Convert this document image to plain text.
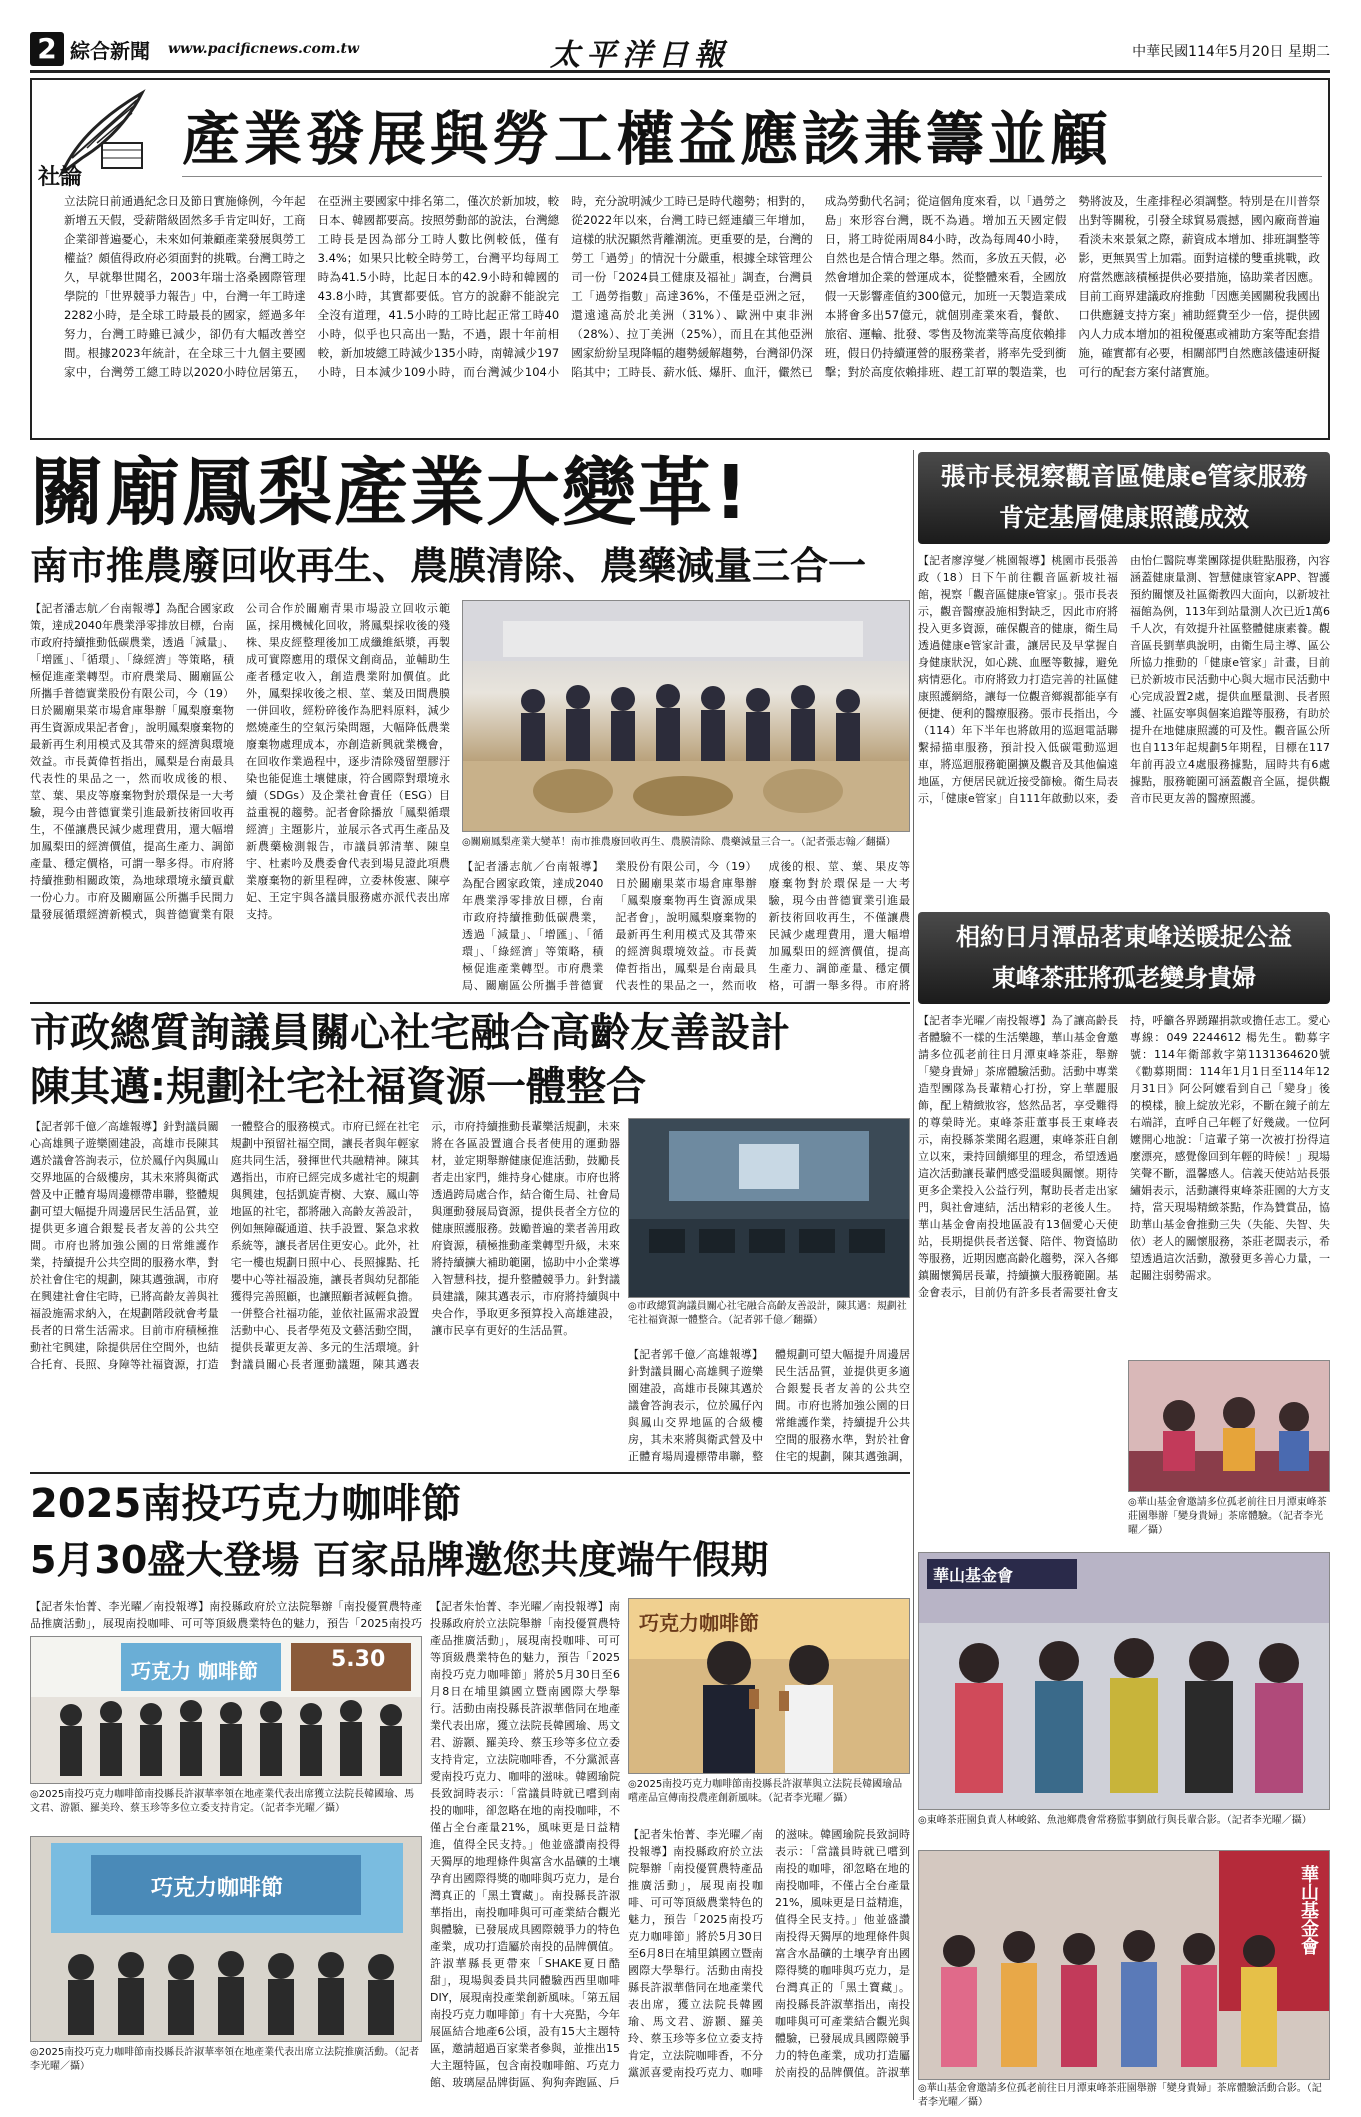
2 綜合新聞 www.pacificnews.com.tw	太平洋日報	中華民國114年5月20日 星期二
社論
產業發展與勞工權益應該兼籌並顧
立法院日前通過紀念日及節日實施條例，今年起新增五天假，受薪階級固然多手肯定叫好，工商企業卻普遍憂心，未來如何兼顧產業發展與勞工權益？頗值得政府必須面對的挑戰。台灣工時之久，早就舉世聞名，2003年瑞士洛桑國際管理學院的「世界競爭力報告」中，台灣一年工時達2282小時，是全球工時最長的國家，經過多年努力，台灣工時雖已減少，卻仍有大幅改善空間。根據2023年統計，在全球三十九個主要國家中，台灣勞工總工時以2020小時位居第五，在亞洲主要國家中排名第二，僅次於新加坡，較日本、韓國都要高。按照勞動部的說法，台灣總工時長是因為部分工時人數比例較低，僅有3.4%；如果只比較全時勞工，台灣平均每周工時為41.5小時，比起日本的42.9小時和韓國的43.8小時，其實都要低。官方的說辭不能說完全沒有道理，41.5小時的工時比起正常工時40小時，似乎也只高出一點，不過，跟十年前相較，新加坡總工時減少135小時，南韓減少197小時，日本減少109小時，而台灣減少104小時，充分說明減少工時已是時代趨勢；相對的，從2022年以來，台灣工時已經連續三年增加，這樣的狀況顯然背離潮流。更重要的是，台灣的勞工「過勞」的情況十分嚴重，根據全球管理公司一份「2024員工健康及福祉」調查，台灣員工「過勞指數」高達36%，不僅是亞洲之冠，還遠遠高於北美洲（31%）、歐洲中東非洲（28%）、拉丁美洲（25%），而且在其他亞洲國家紛紛呈現降幅的趨勢緩解趨勢，台灣卻仍深陷其中；工時長、薪水低、爆肝、血汗，儼然已成為勞動代名詞；從這個角度來看，以「過勞之島」來形容台灣，既不為過。增加五天國定假日，將工時從兩周84小時，改為每周40小時，自然也是合情合理之舉。然而，多放五天假，必然會增加企業的營運成本，從整體來看，全國放假一天影響產值約300億元，加班一天製造業成本將會多出57億元，就個別產業來看，餐飲、旅宿、運輸、批發、零售及物流業等高度依賴排班，假日仍持續運營的服務業者，將率先受到衝擊；對於高度依賴排班、趕工訂單的製造業，也勢將波及，生產排程必須調整。特別是在川普祭出對等關稅，引發全球貿易震撼，國內廠商普遍看淡未來景氣之際，薪資成本增加、排班調整等影，更無異雪上加霜。面對這樣的雙重挑戰，政府當然應該積極提供必要措施，協助業者因應。目前工商界建議政府推動「因應美國關稅我國出口供應鏈支持方案」補助經費至少一倍，提供國內人力成本增加的祖稅優惠或補助方案等配套措施，確實都有必要，相關部門自然應該儘速研擬可行的配套方案付諸實施。
關廟鳳梨產業大變革!
南市推農廢回收再生、農膜清除、農藥減量三合一
【記者潘志航／台南報導】為配合國家政策，達成2040年農業淨零排放目標，台南市政府持續推動低碳農業，透過「減量」、「增匯」、「循環」、「綠經濟」等策略，積極促進產業轉型。市府農業局、關廟區公所攜手普德實業股份有限公司，今（19）日於關廟果菜市場倉庫舉辦「鳳梨廢棄物再生資源成果記者會」，說明鳳梨廢棄物的最新再生利用模式及其帶來的經濟與環境效益。市長黃偉哲指出，鳳梨是台南最具代表性的果品之一，然而收成後的根、莖、葉、果皮等廢棄物對於環保是一大考驗，現今由普德實業引進最新技術回收再生，不僅讓農民減少處理費用，還大幅增加鳳梨田的經濟價值，提高生產力、調節產量、穩定價格，可謂一舉多得。市府將持續推動相關政策，為地球環境永續貢獻一份心力。市府及關廟區公所攜手民間力量發展循環經濟新模式，與普德實業有限公司合作於關廟青果市場設立回收示範區，採用機械化回收，將鳳梨採收後的殘株、果皮經整理後加工成纖維紙漿，再製成可實際應用的環保文創商品，並輔助生產者穩定收入，創造農業附加價值。此外，鳳梨採收後之根、莖、葉及田間農膜一併回收，經粉碎後作為肥料原料，減少燃燒產生的空氣污染問題，大幅降低農業廢棄物處理成本，亦創造新興就業機會，在回收作業過程中，逐步清除殘留塑膠汙染也能促進土壤健康，符合國際對環境永續（SDGs）及企業社會責任（ESG）目益重視的趨勢。記者會除播放「鳳梨循環經濟」主題影片，並展示各式再生產品及新農藥檢測報告，市議員郭清華、陳皇宇、杜素吟及農委會代表到場見證此項農業廢棄物的新里程碑，立委林俊憲、陳亭妃、王定宇與各議員服務處亦派代表出席支持。
◎關廟鳳梨產業大變革！南市推農廢回收再生、農膜清除、農藥減量三合一。（記者張志翰／翻攝）
【記者潘志航／台南報導】為配合國家政策，達成2040年農業淨零排放目標，台南市政府持續推動低碳農業，透過「減量」、「增匯」、「循環」、「綠經濟」等策略，積極促進產業轉型。市府農業局、關廟區公所攜手普德實業股份有限公司，今（19）日於關廟果菜市場倉庫舉辦「鳳梨廢棄物再生資源成果記者會」，說明鳳梨廢棄物的最新再生利用模式及其帶來的經濟與環境效益。市長黃偉哲指出，鳳梨是台南最具代表性的果品之一，然而收成後的根、莖、葉、果皮等廢棄物對於環保是一大考驗，現今由普德實業引進最新技術回收再生，不僅讓農民減少處理費用，還大幅增加鳳梨田的經濟價值，提高生產力、調節產量、穩定價格，可謂一舉多得。市府將
張市長視察觀音區健康e管家服務
肯定基層健康照護成效
【記者廖淳燮／桃園報導】桃園市長張善政（18）日下午前往觀音區新坡社福館，視察「觀音區健康e管家」。張市長表示，觀音醫療設施相對缺乏，因此市府將投入更多資源，確保觀音的健康，衛生局透過健康e管家計畫，讓居民及早掌握自身健康狀況，如心跳、血壓等數據，避免病情惡化。市府將致力打造完善的社區健康照護網絡，讓每一位觀音鄉親都能享有便捷、便利的醫療服務。張市長指出，今（114）年下半年也將啟用的巡迴電話聯繫掃描車服務，預計投入低碳電動巡迴車，將巡迴服務範圍擴及觀音及其他偏遠地區，方便居民就近接受篩檢。衛生局表示，「健康e管家」自111年啟動以來，委由怡仁醫院專業團隊提供駐點服務，內容涵蓋健康量測、智慧健康管家APP、智護預約關懷及社區衛教四大面向，以新坡社福館為例，113年到站量測人次已近1萬6千人次，有效提升社區整體健康素養。觀音區長劉華典說明，由衛生局主導、區公所協力推動的「健康e管家」計畫，目前已於新坡市民活動中心與大堀市民活動中心完成設置2處，提供血壓量測、長者照護、社區安寧與個案追蹤等服務，有助於提升在地健康照護的可及性。觀音區公所也自113年起規劃5年期程，目標在117年前再設立4處服務據點，屆時共有6處據點，服務範圍可涵蓋觀音全區，提供觀音市民更友善的醫療照護。
相約日月潭品茗東峰送暖捉公益
東峰茶莊將孤老變身貴婦
【記者李光曜／南投報導】為了讓高齡長者體驗不一樣的生活樂趣，華山基金會邀請多位孤老前往日月潭東峰茶莊，舉辦「變身貴婦」茶席體驗活動。活動中專業造型團隊為長輩精心打扮，穿上華麗服飾，配上精緻妝容，悠然品茗，享受難得的尊榮時光。東峰茶莊董事長王東峰表示，南投縣茶業聞名遐邇，東峰茶莊自創立以來，秉持回饋鄉里的理念，希望透過這次活動讓長輩們感受溫暖與關懷。期待更多企業投入公益行列，幫助長者走出家門，與社會連結，活出精彩的老後人生。華山基金會南投地區設有13個愛心天使站，長期提供長者送餐、陪伴、物資協助等服務，近期因應高齡化趨勢，深入各鄉鎮關懷獨居長輩，持續擴大服務範圍。基金會表示，目前仍有許多長者需要社會支持，呼籲各界踴躍捐款或擔任志工。愛心專線：049 2244612 楊先生。勸募字號：114年衛部救字第1131364620號《勸募期間：114年1月1日至114年12月31日》阿公阿嬤看到自己「變身」後的模樣，臉上綻放光彩，不斷在鏡子前左右端詳，直呼自己年輕了好幾歲。一位阿嬤開心地說：「這輩子第一次被打扮得這麼漂亮，感覺像回到年輕的時候！」現場笑聲不斷，溫馨感人。信義天使站站長張繡娟表示，活動讓得東峰茶莊園的大方支持，當天現場精緻茶點，作為贊賞品，協助華山基金會推動三失（失能、失智、失依）老人的關懷服務，茶莊老闆表示，希望透過這次活動，激發更多善心力量，一起關注弱勢需求。
◎華山基金會邀請多位孤老前往日月潭東峰茶莊園舉辦「變身貴婦」茶席體驗。（記者李光曜／攝）
華山基金會
◎東峰茶莊園負責人林峻銘、魚池鄉農會常務監事劉啟行與長輩合影。（記者李光曜／攝）
華山基金會
◎華山基金會邀請多位孤老前往日月潭東峰茶莊園舉辦「變身貴婦」茶席體驗活動合影。（記者李光曜／攝）
市政總質詢議員關心社宅融合高齡友善設計
陳其邁:規劃社宅社福資源一體整合
【記者郭千億／高雄報導】針對議員關心高雄興子遊樂園建設，高雄市長陳其邁於議會答詢表示，位於鳳仔內與鳳山交界地區的合級樓房，其未來將與衛武營及中正體育場周邊標帶串聯，整體規劃可望大幅提升周邊居民生活品質，並提供更多適合銀髮長者友善的公共空間。市府也將加強公園的日常維護作業，持續提升公共空間的服務水準，對於社會住宅的規劃，陳其邁強調，市府在興建社會住宅時，已將高齡友善與社福設施需求納入，在規劃階段就會考量長者的日常生活需求。目前市府積極推動社宅興建，除提供居住空間外，也結合托育、長照、身障等社福資源，打造一體整合的服務模式。市府已經在社宅規劃中預留社福空間，讓長者與年輕家庭共同生活，發揮世代共融精神。陳其邁指出，市府已經完成多處社宅的規劃與興建，包括凱旋青樹、大寮、鳳山等地區的社宅，都將融入高齡友善設計，例如無障礙通道、扶手設置、緊急求救系統等，讓長者居住更安心。此外，社宅一樓也規劃日照中心、長照據點、托嬰中心等社福設施，讓長者與幼兒都能獲得完善照顧，也讓照顧者減輕負擔。一併整合社福功能，並依社區需求設置活動中心、長者學苑及文藝活動空間，提供長輩更友善、多元的生活環境。針對議員關心長者運動議題，陳其邁表示，市府持續推動長輩樂活規劃，未來將在各區設置適合長者使用的運動器材，並定期舉辦健康促進活動，鼓勵長者走出家門，維持身心健康。市府也將透過跨局處合作，結合衛生局、社會局與運動發展局資源，提供長者全方位的健康照護服務。鼓勵普遍的業者善用政府資源，積極推動產業轉型升級，未來將持續擴大補助範圍，協助中小企業導入智慧科技，提升整體競爭力。針對議員建議，陳其邁表示，市府將持續與中央合作，爭取更多預算投入高雄建設，讓市民享有更好的生活品質。
◎市政總質詢議員關心社宅融合高齡友善設計，陳其邁：規劃社宅社福資源一體整合。（記者郭千億／翻攝）
【記者郭千億／高雄報導】針對議員關心高雄興子遊樂園建設，高雄市長陳其邁於議會答詢表示，位於鳳仔內與鳳山交界地區的合級樓房，其未來將與衛武營及中正體育場周邊標帶串聯，整體規劃可望大幅提升周邊居民生活品質，並提供更多適合銀髮長者友善的公共空間。市府也將加強公園的日常維護作業，持續提升公共空間的服務水準，對於社會住宅的規劃，陳其邁強調，
2025南投巧克力咖啡節
5月30盛大登場 百家品牌邀您共度端午假期
【記者朱怡菁、李光曜／南投報導】南投縣政府於立法院舉辦「南投優質農特產品推廣活動」，展現南投咖啡、可可等頂級農業特色的魅力，預告「2025南投巧
5.30
巧克力 咖啡節
◎2025南投巧克力咖啡節南投縣長許淑華率領在地產業代表出席獲立法院長韓國瑜、馬文君、游顥、羅美玲、蔡玉珍等多位立委支持肯定。（記者李光曜／攝）
巧克力咖啡節
◎2025南投巧克力咖啡節南投縣長許淑華率領在地產業代表出席立法院推廣活動。（記者李光曜／攝）
【記者朱怡菁、李光曜／南投報導】南投縣政府於立法院舉辦「南投優質農特產品推廣活動」，展現南投咖啡、可可等頂級農業特色的魅力，預告「2025南投巧克力咖啡節」將於5月30日至6月8日在埔里鎮國立暨南國際大學舉行。活動由南投縣長許淑華偕同在地產業代表出席，獲立法院長韓國瑜、馬文君、游顥、羅美玲、蔡玉珍等多位立委支持肯定，立法院咖啡香，不分黨派喜愛南投巧克力、咖啡的滋味。韓國瑜院長致詞時表示：「當議員時就已嚐到南投的咖啡，卻忽略在地的南投咖啡，不僅占全台產量21%，風味更是日益精進，值得全民支持。」他並盛讚南投得天獨厚的地理條件與富含水晶礦的土壤孕育出國際得獎的咖啡與巧克力，是台灣真正的「黑土寶藏」。南投縣長許淑華指出，南投咖啡與可可產業結合觀光與體驗，已發展成具國際競爭力的特色產業，成功打造屬於南投的品牌價值。許淑華縣長更帶來「SHAKE夏日酷甜」，現場與委員共同體驗西西里咖啡DIY，展現南投產業創新風味。「第五屆南投巧克力咖啡節」有十大亮點，今年展區結合地產6公頃，設有15大主題特區，邀請超過百家業者參與，並推出15大主題特區，包含南投咖啡館、巧克力館、玻璃屋品牌街區、狗狗奔跑區、戶
巧克力咖啡節
◎2025南投巧克力咖啡節南投縣長許淑華與立法院長韓國瑜品嚐產品宣傳南投農產創新風味。（記者李光曜／攝）
【記者朱怡菁、李光曜／南投報導】南投縣政府於立法院舉辦「南投優質農特產品推廣活動」，展現南投咖啡、可可等頂級農業特色的魅力，預告「2025南投巧克力咖啡節」將於5月30日至6月8日在埔里鎮國立暨南國際大學舉行。活動由南投縣長許淑華偕同在地產業代表出席，獲立法院長韓國瑜、馬文君、游顥、羅美玲、蔡玉珍等多位立委支持肯定，立法院咖啡香，不分黨派喜愛南投巧克力、咖啡的滋味。韓國瑜院長致詞時表示：「當議員時就已嚐到南投的咖啡，卻忽略在地的南投咖啡，不僅占全台產量21%，風味更是日益精進，值得全民支持。」他並盛讚南投得天獨厚的地理條件與富含水晶礦的土壤孕育出國際得獎的咖啡與巧克力，是台灣真正的「黑土寶藏」。南投縣長許淑華指出，南投咖啡與可可產業結合觀光與體驗，已發展成具國際競爭力的特色產業，成功打造屬於南投的品牌價值。許淑華
